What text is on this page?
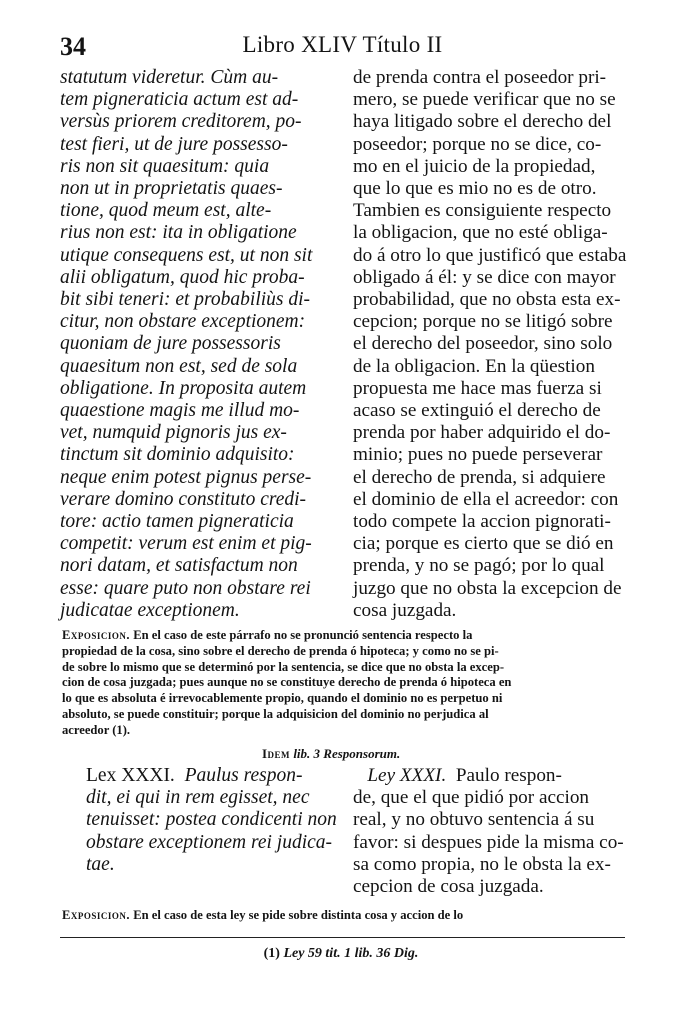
34	Libro XLIV Título II
statutum videretur. Cùm au-
tem pigneraticia actum est ad-
versùs priorem creditorem, po-
test fieri, ut de jure possesso-
ris non sit quaesitum: quia
non ut in proprietatis quaes-
tione, quod meum est, alte-
rius non est: ita in obligatione
utique consequens est, ut non sit
alii obligatum, quod hic proba-
bit sibi teneri: et probabiliùs di-
citur, non obstare exceptionem:
quoniam de jure possessoris
quaesitum non est, sed de sola
obligatione. In proposita autem
quaestione magis me illud mo-
vet, numquid pignoris jus ex-
tinctum sit dominio adquisito:
neque enim potest pignus perse-
verare domino constituto credi-
tore: actio tamen pigneraticia
competit: verum est enim et pig-
nori datam, et satisfactum non
esse: quare puto non obstare rei
judicatae exceptionem.
de prenda contra el poseedor pri-
mero, se puede verificar que no se
haya litigado sobre el derecho del
poseedor; porque no se dice, co-
mo en el juicio de la propiedad,
que lo que es mio no es de otro.
Tambien es consiguiente respecto
la obligacion, que no esté obliga-
do á otro lo que justificó que estaba
obligado á él: y se dice con mayor
probabilidad, que no obsta esta ex-
cepcion; porque no se litigó sobre
el derecho del poseedor, sino solo
de la obligacion. En la qüestion
propuesta me hace mas fuerza si
acaso se extinguió el derecho de
prenda por haber adquirido el do-
minio; pues no puede perseverar
el derecho de prenda, si adquiere
el dominio de ella el acreedor: con
todo compete la accion pignorati-
cia; porque es cierto que se dió en
prenda, y no se pagó; por lo qual
juzgo que no obsta la excepcion de
cosa juzgada.
Exposicion. En el caso de este párrafo no se pronunció sentencia respecto la
propiedad de la cosa, sino sobre el derecho de prenda ó hipoteca; y como no se pi-
de sobre lo mismo que se determinó por la sentencia, se dice que no obsta la excep-
cion de cosa juzgada; pues aunque no se constituye derecho de prenda ó hipoteca en
lo que es absoluta é irrevocablemente propio, quando el dominio no es perpetuo ni
absoluto, se puede constituir; porque la adquisicion del dominio no perjudica al
acreedor (1).
Idem lib. 3 Responsorum.
Lex XXXI. Paulus respon-
dit, ei qui in rem egisset, nec
tenuisset: postea condicenti non
obstare exceptionem rei judica-
tae.
Ley XXXI. Paulo respon-
de, que el que pidió por accion
real, y no obtuvo sentencia á su
favor: si despues pide la misma co-
sa como propia, no le obsta la ex-
cepcion de cosa juzgada.
Exposicion. En el caso de esta ley se pide sobre distinta cosa y accion de lo
(1) Ley 59 tit. 1 lib. 36 Dig.
